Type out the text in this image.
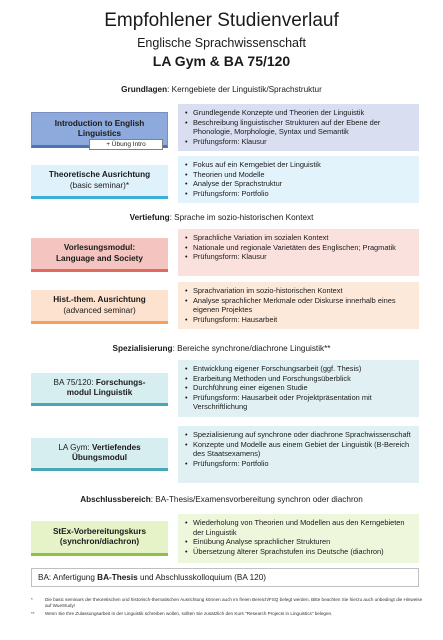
Empfohlener Studienverlauf
Englische Sprachwissenschaft
LA Gym & BA 75/120
Grundlagen: Kerngebiete der Linguistik/Sprachstruktur
Introduction to English
Linguistics
+ Übung Intro
• Grundlegende Konzepte und Theorien der Linguistik
• Beschreibung linguistischer Strukturen auf der Ebene der Phonologie, Morphologie, Syntax und Semantik
• Prüfungsform: Klausur
Theoretische Ausrichtung
(basic seminar)*
• Fokus auf ein Kerngebiet der Linguistik
• Theorien und Modelle
• Analyse der Sprachstruktur
• Prüfungsform: Portfolio
Vertiefung: Sprache im sozio-historischen Kontext
Vorlesungsmodul:
Language and Society
• Sprachliche Variation im sozialen Kontext
• Nationale und regionale Varietäten des Englischen; Pragmatik
• Prüfungsform: Klausur
Hist.-them. Ausrichtung
(advanced seminar)
• Sprachvariation im sozio-historischen Kontext
• Analyse sprachlicher Merkmale oder Diskurse innerhalb eines eigenen Projektes
• Prüfungsform: Hausarbeit
Spezialisierung: Bereiche synchrone/diachrone Linguistik**
BA 75/120: Forschungs-
modul Linguistik
• Entwicklung eigener Forschungsarbeit (ggf. Thesis)
• Erarbeitung Methoden und Forschungsüberblick
• Durchführung einer eigenen Studie
• Prüfungsform: Hausarbeit oder Projektpräsentation mit Verschriftlichung
LA Gym: Vertiefendes
Übungsmodul
• Spezialisierung auf synchrone oder diachrone Sprachwissenschaft
• Konzepte und Modelle aus einem Gebiet der Linguistik (B-Bereich des Staatsexamens)
• Prüfungsform: Portfolio
Abschlussbereich: BA-Thesis/Examensvorbereitung synchron oder diachron
StEx-Vorbereitungskurs
(synchron/diachron)
• Wiederholung von Theorien und Modellen aus den Kerngebieten der Linguistik
• Einübung Analyse sprachlicher Strukturen
• Übersetzung älterer Sprachstufen ins Deutsche (diachron)
BA: Anfertigung BA-Thesis und Abschlusskolloquium (BA 120)
*	Die basic seminars der theoretischen und historisch-thematischen Ausrichtung können auch im freien Bereich/FSQ belegt werden. Bitte beachten Sie hierzu auch unbedingt die Hinweise auf WueStudy!
**	Wenn Sie Ihre Zulassungsarbeit in der Linguistik schreiben wollen, sollten Sie zusätzlich den Kurs "Research Projects in Linguistics" belegen.
